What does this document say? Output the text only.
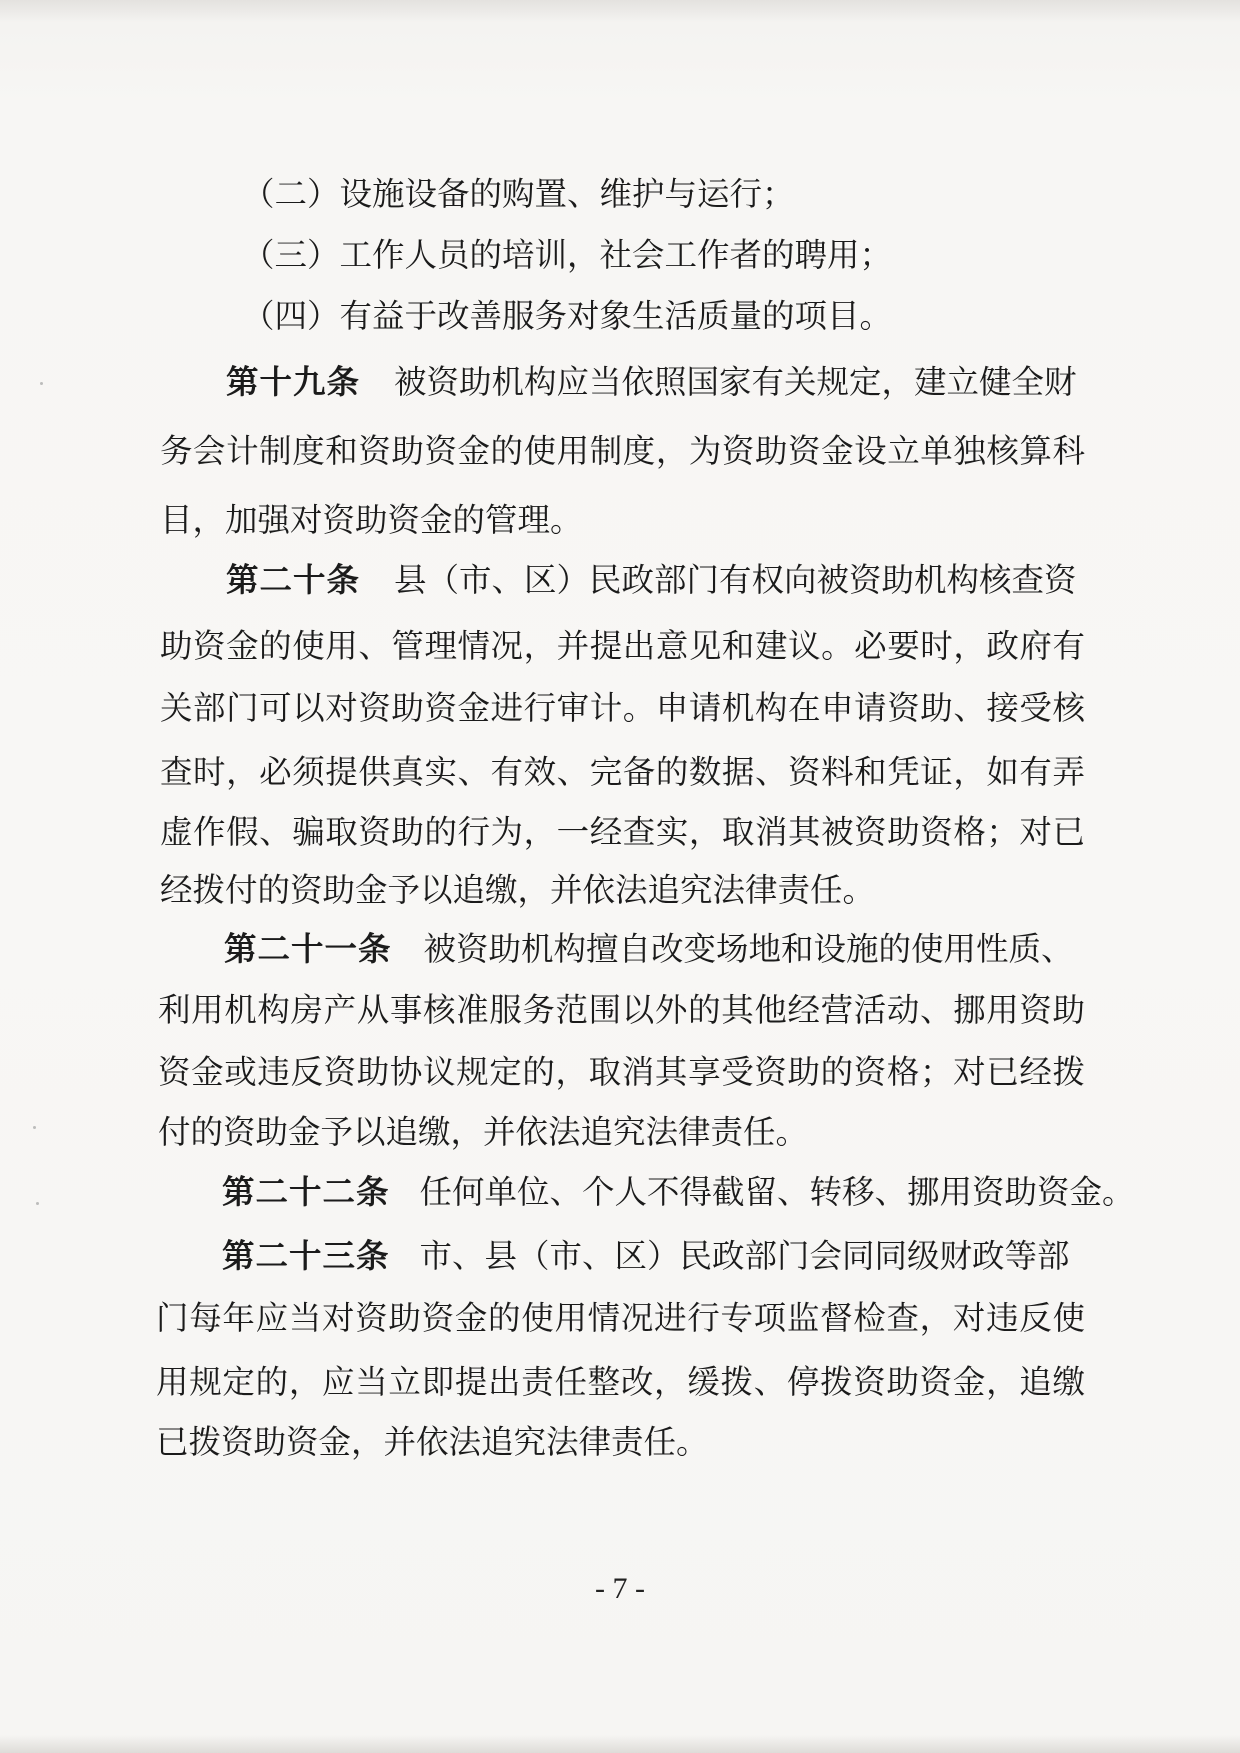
（二）设施设备的购置、维护与运行；
（三）工作人员的培训，社会工作者的聘用；
（四）有益于改善服务对象生活质量的项目。
第十九条 被资助机构应当依照国家有关规定，建立健全财
务会计制度和资助资金的使用制度，为资助资金设立单独核算科
目，加强对资助资金的管理。
第二十条 县（市、区）民政部门有权向被资助机构核查资
助资金的使用、管理情况，并提出意见和建议。必要时，政府有
关部门可以对资助资金进行审计。申请机构在申请资助、接受核
查时，必须提供真实、有效、完备的数据、资料和凭证，如有弄
虚作假、骗取资助的行为，一经查实，取消其被资助资格；对已
经拨付的资助金予以追缴，并依法追究法律责任。
第二十一条 被资助机构擅自改变场地和设施的使用性质、
利用机构房产从事核准服务范围以外的其他经营活动、挪用资助
资金或违反资助协议规定的，取消其享受资助的资格；对已经拨
付的资助金予以追缴，并依法追究法律责任。
第二十二条 任何单位、个人不得截留、转移、挪用资助资金。
第二十三条 市、县（市、区）民政部门会同同级财政等部
门每年应当对资助资金的使用情况进行专项监督检查，对违反使
用规定的，应当立即提出责任整改，缓拨、停拨资助资金，追缴
已拨资助资金，并依法追究法律责任。
- 7 -
